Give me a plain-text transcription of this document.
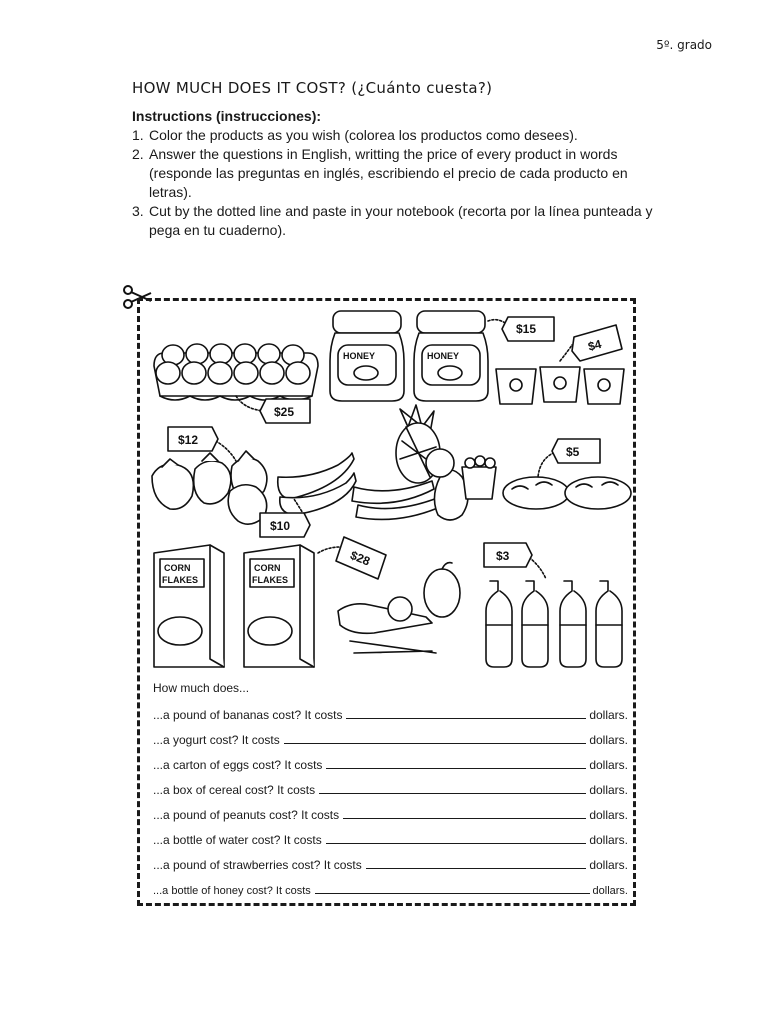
5º. grado
HOW MUCH DOES IT COST? (¿Cuánto cuesta?)
Instructions (instrucciones):
1. Color the products as you wish (colorea los productos como desees).
2. Answer the questions in English, writting the price of every product in words (responde las preguntas en inglés, escribiendo el precio de cada producto en letras).
3. Cut by the dotted line and paste in your notebook (recorta por la línea punteada y pega en tu cuaderno).
HONEY	HONEY
CORN
FLAKES
CORN
FLAKES
$15
$4
$25
$12
$5
$10
$28	$3
How much does...
...a pound of bananas cost? It costs	dollars.
...a yogurt cost? It costs	dollars.
...a carton of eggs cost? It costs	dollars.
...a box of cereal cost? It costs	dollars.
...a pound of peanuts cost? It costs	dollars.
...a bottle of water cost? It costs	dollars.
...a pound of strawberries cost? It costs	dollars.
...a bottle of honey cost? It costs	dollars.
